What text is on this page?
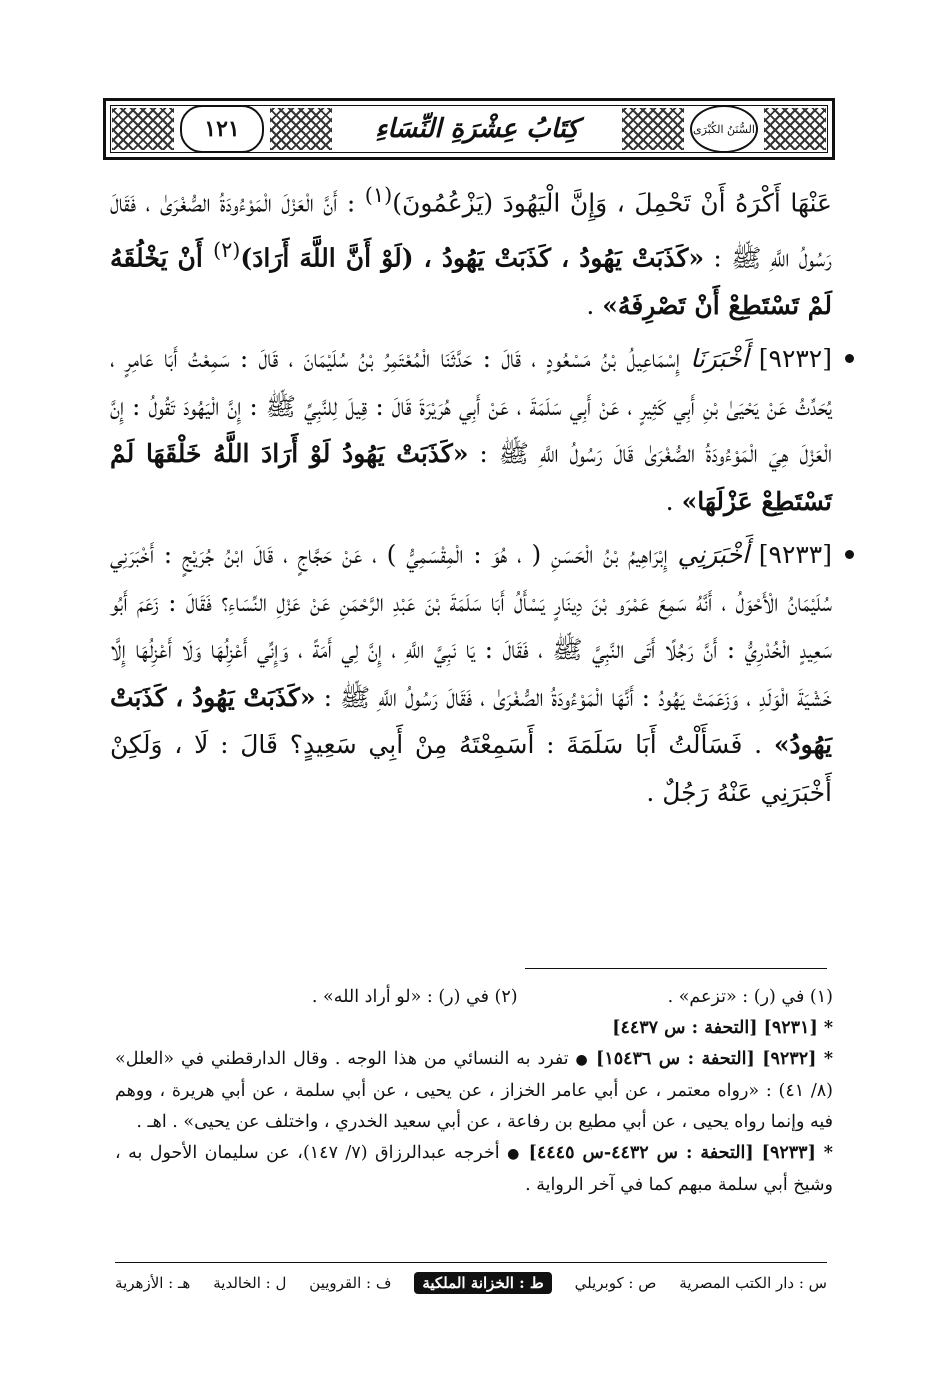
١٢١	كِتَابُ عِشْرَةِ النِّسَاءِ	السُّنَنُ الكُبْرَى

عَنْهَا أَكْرَهُ أَنْ تَحْمِلَ ، وَإِنَّ الْيَهُودَ (يَزْعُمُونَ)$^{(١)}$ : أَنَّ الْعَزْلَ الْمَوْءُودَةُ الصُّغْرَىٰ ، فَقَالَ رَسُولُ اللَّهِ ﷺ : «كَذَبَتْ يَهُودُ ، كَذَبَتْ يَهُودُ ، (لَوْ أَنَّ اللَّهَ أَرَادَ)$^{(٢)}$ أَنْ يَخْلُقَهُ لَمْ تَسْتَطِعْ أَنْ تَصْرِفَهُ» .

[٩٢٣٢] أَخْبَرَنَا إِسْمَاعِيلُ بْنُ مَسْعُودٍ ، قَالَ : حَدَّثَنَا الْمُعْتَمِرُ بْنُ سُلَيْمَانَ ، قَالَ : سَمِعْتُ أَبَا عَامِرٍ ، يُحَدِّثُ عَنْ يَحْيَىٰ بْنِ أَبِي كَثِيرٍ ، عَنْ أَبِي سَلَمَةَ ، عَنْ أَبِي هُرَيْرَةَ قَالَ : قِيلَ لِلنَّبِيِّ ﷺ : إِنَّ الْيَهُودَ تَقُولُ : إِنَّ الْعَزْلَ هِيَ الْمَوْءُودَةُ الصُّغْرَىٰ قَالَ رَسُولُ اللَّهِ ﷺ : «كَذَبَتْ يَهُودُ لَوْ أَرَادَ اللَّهُ خَلْقَهَا لَمْ تَسْتَطِعْ عَزْلَهَا» .

[٩٢٣٣] أَخْبَرَنِي إِبْرَاهِيمُ بْنُ الْحَسَنِ ( ، هُوَ : الْمِقْسَمِيُّ ) ، عَنْ حَجَّاجٍ ، قَالَ ابْنُ جُرَيْجٍ : أَخْبَرَنِي سُلَيْمَانُ الْأَحْوَلُ ، أَنَّهُ سَمِعَ عَمْرَو بْنَ دِينَارٍ يَسْأَلُ أَبَا سَلَمَةَ بْنَ عَبْدِ الرَّحْمَنِ عَنْ عَزْلِ النِّسَاءِ؟ فَقَالَ : زَعَمَ أَبُو سَعِيدٍ الْخُدْرِيُّ : أَنَّ رَجُلًا أَتَى النَّبِيَّ ﷺ ، فَقَالَ : يَا نَبِيَّ اللَّهِ ، إِنَّ لِي أَمَةً ، وَإِنِّي أَعْزِلُهَا وَلَا أَعْزِلُهَا إِلَّا خَشْيَةَ الْوَلَدِ ، وَزَعَمَتْ يَهُودُ : أَنَّهَا الْمَوْءُودَةُ الصُّغْرَىٰ ، فَقَالَ رَسُولُ اللَّهِ ﷺ : «كَذَبَتْ يَهُودُ ، كَذَبَتْ يَهُودُ» . فَسَأَلْتُ أَبَا سَلَمَةَ : أَسَمِعْتَهُ مِنْ أَبِي سَعِيدٍ؟ قَالَ : لَا ، وَلَكِنْ أَخْبَرَنِي عَنْهُ رَجُلٌ .

(١) في (ر) : «تزعم» .
(٢) في (ر) : «لو أراد الله» .
* [٩٢٣١] [التحفة : س ٤٤٣٧]
* [٩٢٣٢] [التحفة : س ١٥٤٣٦] ● تفرد به النسائي من هذا الوجه . وقال الدارقطني في «العلل» (٨/ ٤١) : «رواه معتمر ، عن أبي عامر الخزاز ، عن يحيى ، عن أبي سلمة ، عن أبي هريرة ، ووهم فيه وإنما رواه يحيى ، عن أبي مطيع بن رفاعة ، عن أبي سعيد الخدري ، واختلف عن يحيى» . اهـ .
* [٩٢٣٣] [التحفة : س ٤٤٣٢-س ٤٤٤٥] ● أخرجه عبدالرزاق (٧/ ١٤٧)، عن سليمان الأحول به ، وشيخ أبي سلمة مبهم كما في آخر الرواية .
س : دار الكتب المصرية
ص : كوبريلي
ط : الخزانة الملكية
ف : القرويين
ل : الخالدية
هـ : الأزهرية
